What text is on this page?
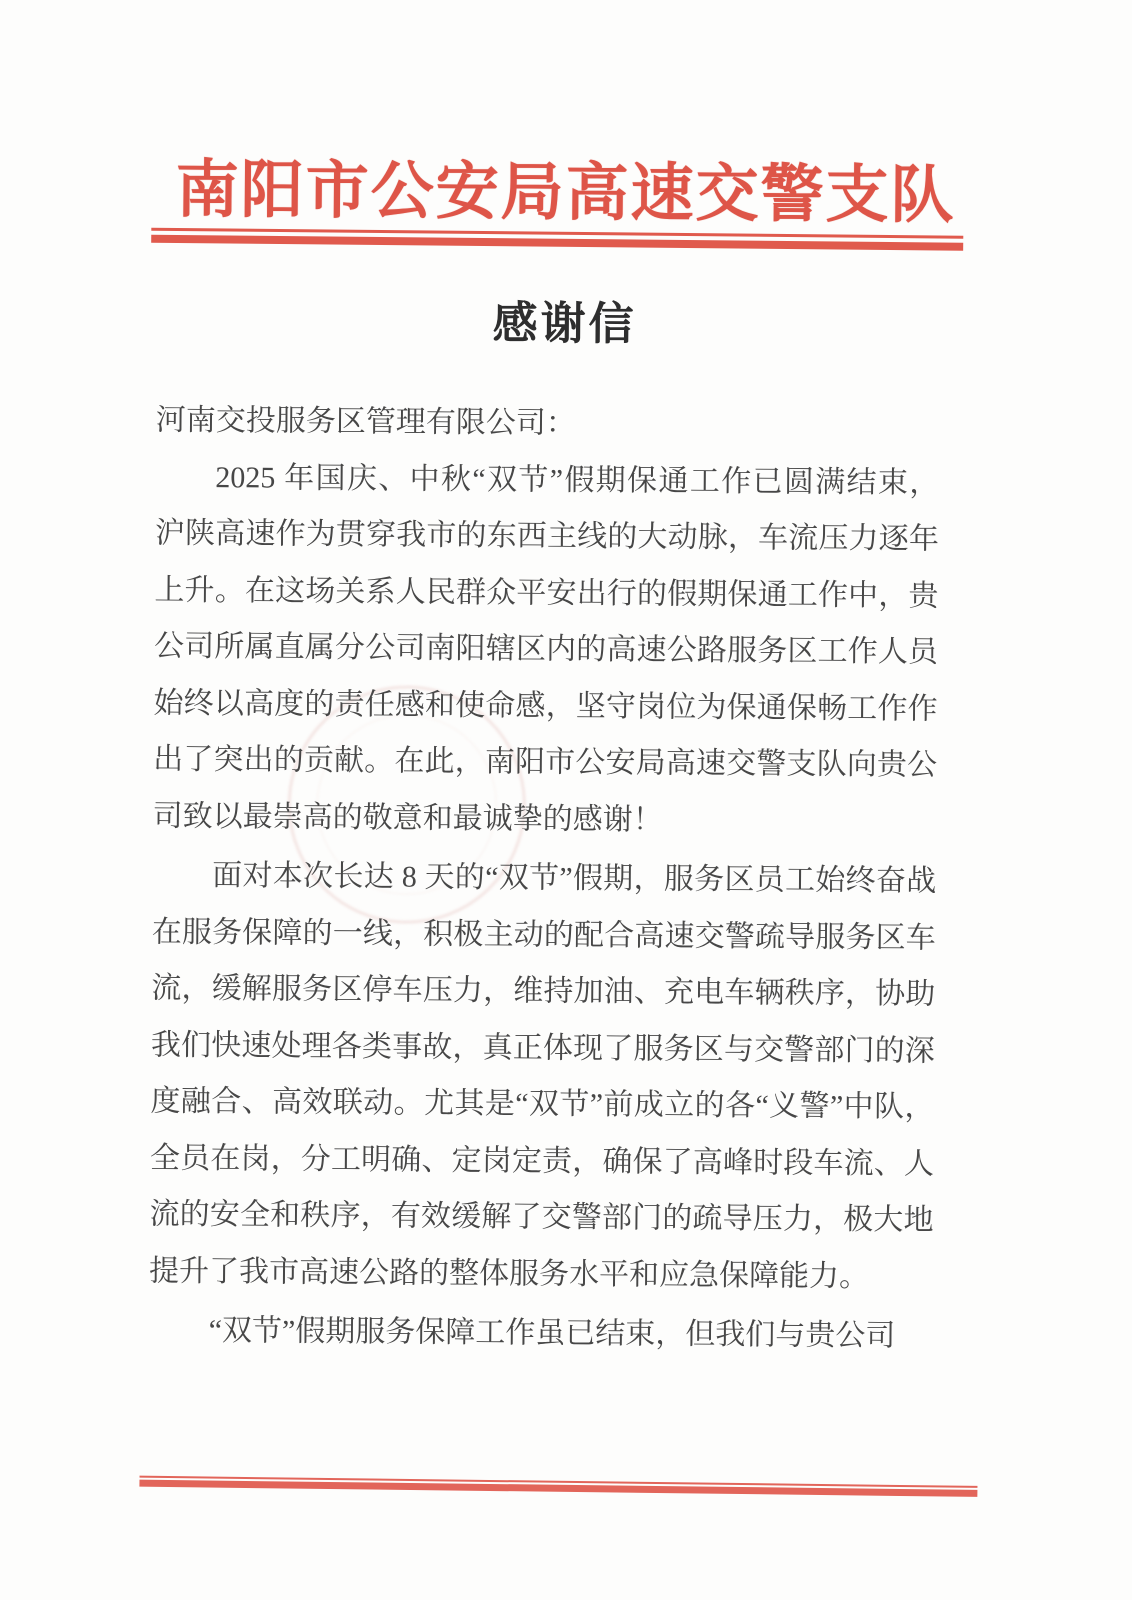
南阳市公安局高速交警支队
感谢信
河南交投服务区管理有限公司：

2025 年国庆、中秋“双节”假期保通工作已圆满结束，沪陕高速作为贯穿我市的东西主线的大动脉，车流压力逐年上升。在这场关系人民群众平安出行的假期保通工作中，贵公司所属直属分公司南阳辖区内的高速公路服务区工作人员始终以高度的责任感和使命感，坚守岗位为保通保畅工作作出了突出的贡献。在此，南阳市公安局高速交警支队向贵公司致以最崇高的敬意和最诚挚的感谢！

面对本次长达 8 天的“双节”假期，服务区员工始终奋战在服务保障的一线，积极主动的配合高速交警疏导服务区车流，缓解服务区停车压力，维持加油、充电车辆秩序，协助我们快速处理各类事故，真正体现了服务区与交警部门的深度融合、高效联动。尤其是“双节”前成立的各“义警”中队，全员在岗，分工明确、定岗定责，确保了高峰时段车流、人流的安全和秩序，有效缓解了交警部门的疏导压力，极大地提升了我市高速公路的整体服务水平和应急保障能力。

“双节”假期服务保障工作虽已结束，但我们与贵公司
